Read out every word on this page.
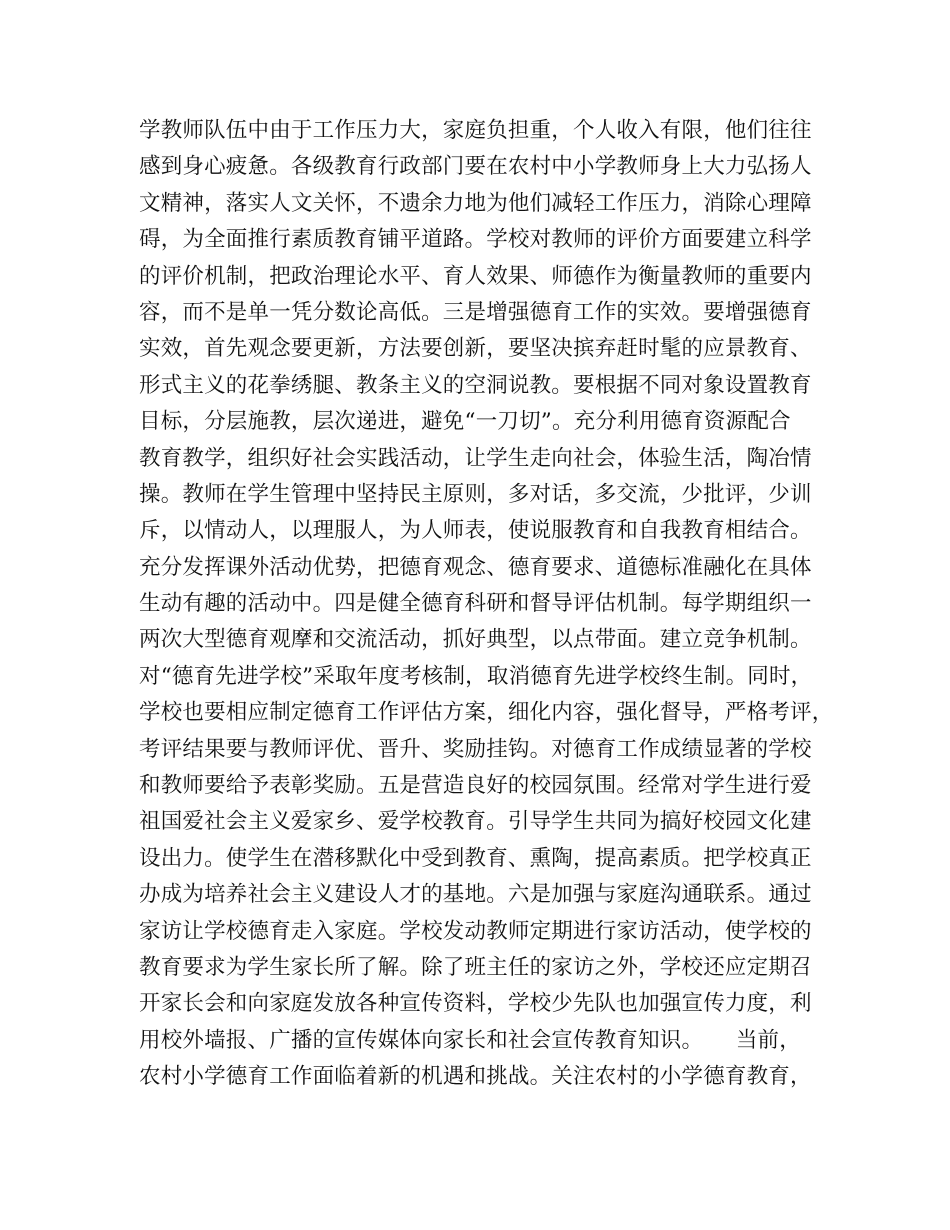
学教师队伍中由于工作压力大，家庭负担重，个人收入有限，他们往往
感到身心疲惫。各级教育行政部门要在农村中小学教师身上大力弘扬人
文精神，落实人文关怀，不遗余力地为他们减轻工作压力，消除心理障
碍，为全面推行素质教育铺平道路。学校对教师的评价方面要建立科学
的评价机制，把政治理论水平、育人效果、师德作为衡量教师的重要内
容，而不是单一凭分数论高低。三是增强德育工作的实效。要增强德育
实效，首先观念要更新，方法要创新，要坚决摈弃赶时髦的应景教育、
形式主义的花拳绣腿、教条主义的空洞说教。要根据不同对象设置教育
目标，分层施教，层次递进，避免“一刀切”。充分利用德育资源配合
教育教学，组织好社会实践活动，让学生走向社会，体验生活，陶冶情
操。教师在学生管理中坚持民主原则，多对话，多交流，少批评，少训
斥，以情动人，以理服人，为人师表，使说服教育和自我教育相结合。
充分发挥课外活动优势，把德育观念、德育要求、道德标准融化在具体
生动有趣的活动中。四是健全德育科研和督导评估机制。每学期组织一
两次大型德育观摩和交流活动，抓好典型，以点带面。建立竞争机制。
对“德育先进学校”采取年度考核制，取消德育先进学校终生制。同时，
学校也要相应制定德育工作评估方案，细化内容，强化督导，严格考评，
考评结果要与教师评优、晋升、奖励挂钩。对德育工作成绩显著的学校
和教师要给予表彰奖励。五是营造良好的校园氛围。经常对学生进行爱
祖国爱社会主义爱家乡、爱学校教育。引导学生共同为搞好校园文化建
设出力。使学生在潜移默化中受到教育、熏陶，提高素质。把学校真正
办成为培养社会主义建设人才的基地。六是加强与家庭沟通联系。通过
家访让学校德育走入家庭。学校发动教师定期进行家访活动，使学校的
教育要求为学生家长所了解。除了班主任的家访之外，学校还应定期召
开家长会和向家庭发放各种宣传资料，学校少先队也加强宣传力度，利
用校外墙报、广播的宣传媒体向家长和社会宣传教育知识。　　当前，
农村小学德育工作面临着新的机遇和挑战。关注农村的小学德育教育，
